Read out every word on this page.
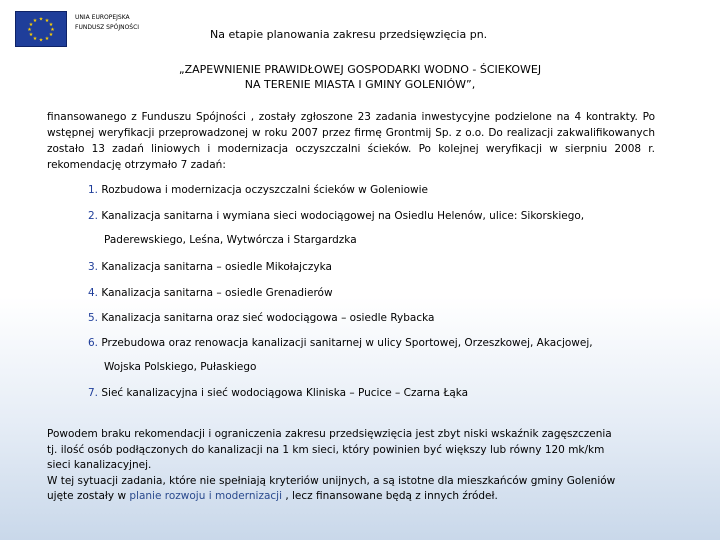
★ ★
★
★
★
★
★
★
★
★
★
★	UNIA EUROPEJSKA
FUNDUSZ SPÓJNOŚCI
Na etapie planowania zakresu przedsięwzięcia pn.
„ZAPEWNIENIE PRAWIDŁOWEJ GOSPODARKI WODNO - ŚCIEKOWEJ
NA TERENIE MIASTA I GMINY GOLENIÓW”,
finansowanego z Funduszu Spójności , zostały zgłoszone 23 zadania inwestycyjne podzielone na 4 kontrakty. Po wstępnej weryfikacji przeprowadzonej w roku 2007 przez firmę Grontmij Sp. z o.o. Do realizacji zakwalifikowanych zostało 13 zadań liniowych i modernizacja oczyszczalni ścieków. Po kolejnej weryfikacji w sierpniu 2008 r. rekomendację otrzymało 7 zadań:
1. Rozbudowa i modernizacja oczyszczalni ścieków w Goleniowie
2. Kanalizacja sanitarna i wymiana sieci wodociągowej na Osiedlu Helenów, ulice: Sikorskiego,
Paderewskiego, Leśna, Wytwórcza i Stargardzka
3. Kanalizacja sanitarna – osiedle Mikołajczyka
4. Kanalizacja sanitarna – osiedle Grenadierów
5. Kanalizacja sanitarna oraz sieć wodociągowa – osiedle Rybacka
6. Przebudowa oraz renowacja kanalizacji sanitarnej w ulicy Sportowej, Orzeszkowej, Akacjowej,
Wojska Polskiego, Pułaskiego
7. Sieć kanalizacyjna i sieć wodociągowa Kliniska – Pucice – Czarna Łąka
Powodem braku rekomendacji i ograniczenia zakresu przedsięwzięcia jest zbyt niski wskaźnik zagęszczenia
tj. ilość osób podłączonych do kanalizacji na 1 km sieci, który powinien być większy lub równy 120 mk/km
sieci kanalizacyjnej.
W tej sytuacji zadania, które nie spełniają kryteriów unijnych, a są istotne dla mieszkańców gminy Goleniów
ujęte zostały w planie rozwoju i modernizacji , lecz finansowane będą z innych źródeł.
